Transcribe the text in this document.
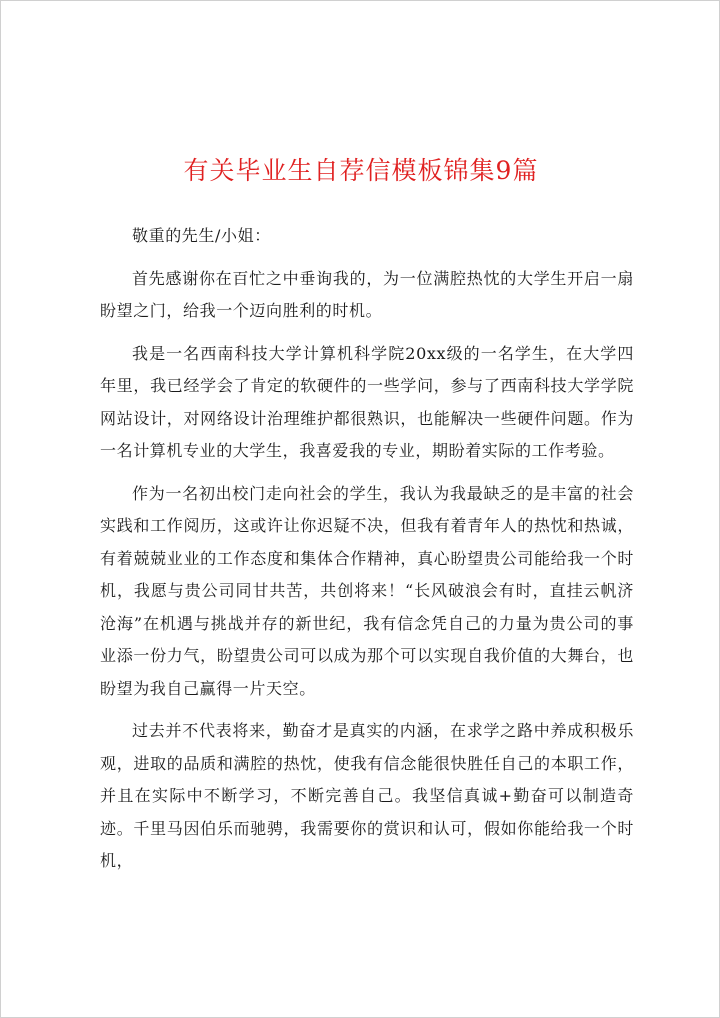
有关毕业生自荐信模板锦集9篇

敬重的先生/小姐：

首先感谢你在百忙之中垂询我的，为一位满腔热忱的大学生开启一扇盼望之门，给我一个迈向胜利的时机。

我是一名西南科技大学计算机科学院20xx级的一名学生，在大学四年里，我已经学会了肯定的软硬件的一些学问，参与了西南科技大学学院网站设计，对网络设计治理维护都很熟识，也能解决一些硬件问题。作为一名计算机专业的大学生，我喜爱我的专业，期盼着实际的工作考验。

作为一名初出校门走向社会的学生，我认为我最缺乏的是丰富的社会实践和工作阅历，这或许让你迟疑不决，但我有着青年人的热忱和热诚，有着兢兢业业的工作态度和集体合作精神，真心盼望贵公司能给我一个时机，我愿与贵公司同甘共苦，共创将来！“长风破浪会有时，直挂云帆济沧海”在机遇与挑战并存的新世纪，我有信念凭自己的力量为贵公司的事业添一份力气，盼望贵公司可以成为那个可以实现自我价值的大舞台，也盼望为我自己赢得一片天空。

过去并不代表将来，勤奋才是真实的内涵，在求学之路中养成积极乐观，进取的品质和满腔的热忱，使我有信念能很快胜任自己的本职工作，并且在实际中不断学习，不断完善自己。我坚信真诚+勤奋可以制造奇迹。千里马因伯乐而驰骋，我需要你的赏识和认可，假如你能给我一个时机，
